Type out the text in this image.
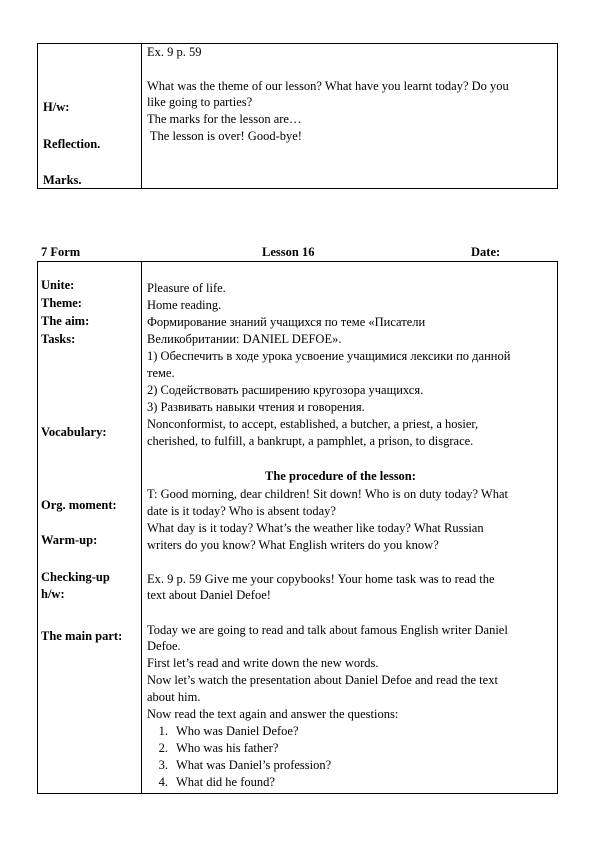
H/w:
Reflection.
Marks.
Ex. 9 p. 59
What was the theme of our lesson? What have you learnt today? Do you
like going to parties?
The marks for the lesson are…
The lesson is over! Good-bye!
7 Form	Lesson 16	Date:
Unite:
Theme:
The aim:
Tasks:
Vocabulary:
Org. moment:
Warm-up:
Checking-up
h/w:
The main part:
Pleasure of life.
Home reading.
Формирование знаний учащихся по теме «Писатели
Великобритании: DANIEL DEFOE».
1) Обеспечить в ходе урока усвоение учащимися лексики по данной
теме.
2) Содействовать расширению кругозора учащихся.
3) Развивать навыки чтения и говорения.
Nonconformist, to accept, established, a butcher, a priest, a hosier,
cherished, to fulfill, a bankrupt, a pamphlet, a prison, to disgrace.
The procedure of the lesson:
T: Good morning, dear children! Sit down! Who is on duty today? What
date is it today? Who is absent today?
What day is it today? What’s the weather like today? What Russian
writers do you know? What English writers do you know?
Ex. 9 p. 59 Give me your copybooks! Your home task was to read the
text about Daniel Defoe!
Today we are going to read and talk about famous English writer Daniel
Defoe.
First let’s read and write down the new words.
Now let’s watch the presentation about Daniel Defoe and read the text
about him.
Now read the text again and answer the questions:
1. Who was Daniel Defoe?
2. Who was his father?
3. What was Daniel’s profession?
4. What did he found?
